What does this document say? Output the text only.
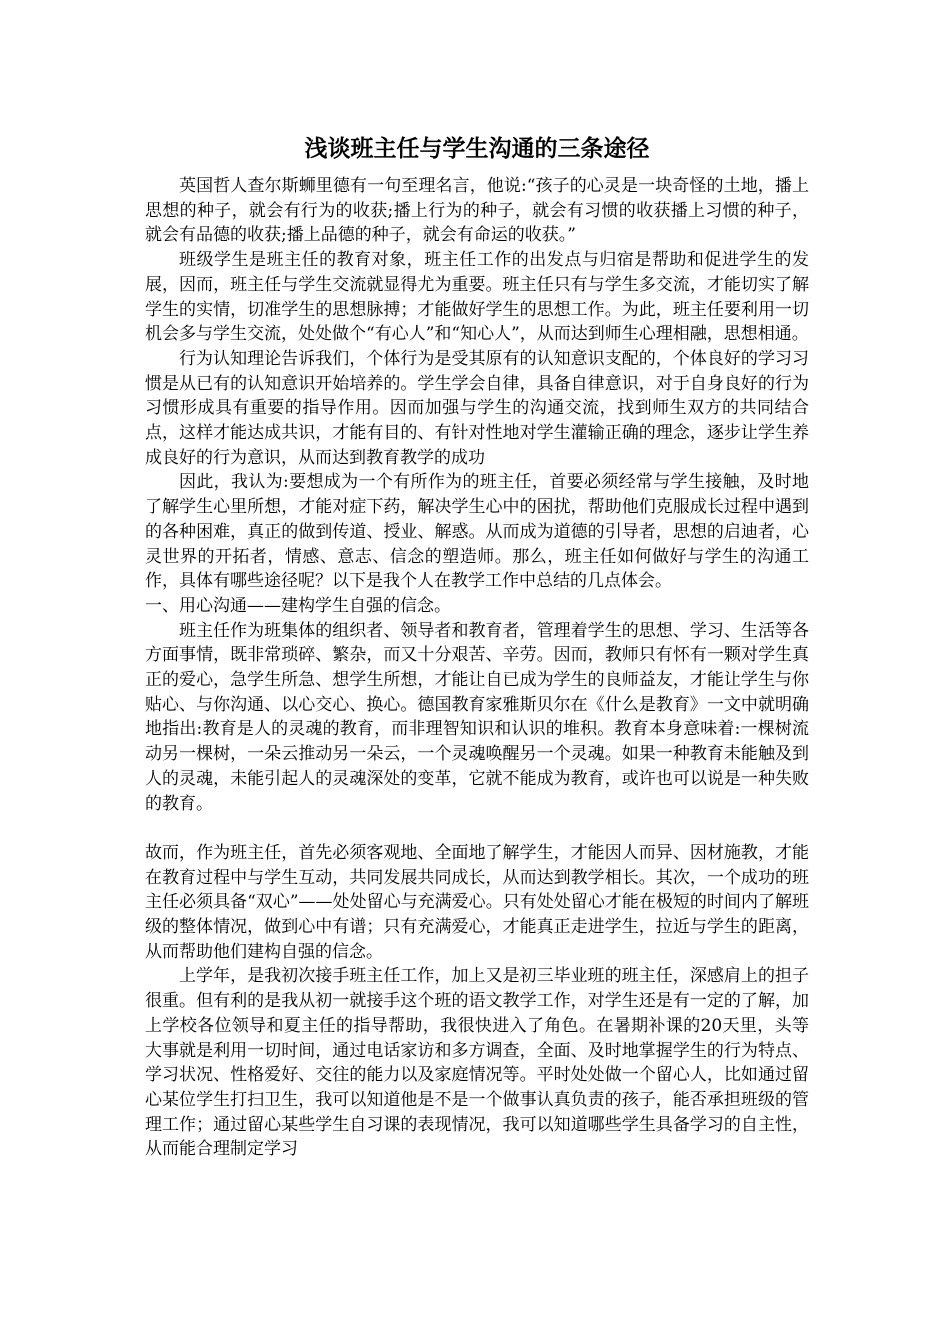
浅谈班主任与学生沟通的三条途径

英国哲人查尔斯蛳里德有一句至理名言，他说:“孩子的心灵是一块奇怪的土地，播上思想的种子，就会有行为的收获;播上行为的种子，就会有习惯的收获播上习惯的种子，就会有品德的收获;播上品德的种子，就会有命运的收获。”

班级学生是班主任的教育对象，班主任工作的出发点与归宿是帮助和促进学生的发展，因而，班主任与学生交流就显得尤为重要。班主任只有与学生多交流，才能切实了解学生的实情，切准学生的思想脉搏；才能做好学生的思想工作。为此，班主任要利用一切机会多与学生交流，处处做个“有心人”和“知心人”，从而达到师生心理相融，思想相通。

行为认知理论告诉我们，个体行为是受其原有的认知意识支配的，个体良好的学习习惯是从已有的认知意识开始培养的。学生学会自律，具备自律意识，对于自身良好的行为习惯形成具有重要的指导作用。因而加强与学生的沟通交流，找到师生双方的共同结合点，这样才能达成共识，才能有目的、有针对性地对学生灌输正确的理念，逐步让学生养成良好的行为意识，从而达到教育教学的成功

因此，我认为:要想成为一个有所作为的班主任，首要必须经常与学生接触，及时地了解学生心里所想，才能对症下药，解决学生心中的困扰，帮助他们克服成长过程中遇到的各种困难，真正的做到传道、授业、解惑。从而成为道德的引导者，思想的启迪者，心灵世界的开拓者，情感、意志、信念的塑造师。那么，班主任如何做好与学生的沟通工作，具体有哪些途径呢？以下是我个人在教学工作中总结的几点体会。

一、用心沟通——建构学生自强的信念。

班主任作为班集体的组织者、领导者和教育者，管理着学生的思想、学习、生活等各方面事情，既非常琐碎、繁杂，而又十分艰苦、辛劳。因而，教师只有怀有一颗对学生真正的爱心，急学生所急、想学生所想，才能让自已成为学生的良师益友，才能让学生与你贴心、与你沟通、以心交心、换心。德国教育家雅斯贝尔在《什么是教育》一文中就明确地指出:教育是人的灵魂的教育，而非理智知识和认识的堆积。教育本身意味着:一棵树流动另一棵树，一朵云推动另一朵云，一个灵魂唤醒另一个灵魂。如果一种教育未能触及到人的灵魂，未能引起人的灵魂深处的变革，它就不能成为教育，或许也可以说是一种失败的教育。

故而，作为班主任，首先必须客观地、全面地了解学生，才能因人而异、因材施教，才能在教育过程中与学生互动，共同发展共同成长，从而达到教学相长。其次，一个成功的班主任必须具备“双心”——处处留心与充满爱心。只有处处留心才能在极短的时间内了解班级的整体情况，做到心中有谱；只有充满爱心，才能真正走进学生，拉近与学生的距离，从而帮助他们建构自强的信念。

上学年，是我初次接手班主任工作，加上又是初三毕业班的班主任，深感肩上的担子很重。但有利的是我从初一就接手这个班的语文教学工作，对学生还是有一定的了解，加上学校各位领导和夏主任的指导帮助，我很快进入了角色。在暑期补课的20天里，头等大事就是利用一切时间，通过电话家访和多方调查，全面、及时地掌握学生的行为特点、学习状况、性格爱好、交往的能力以及家庭情况等。平时处处做一个留心人，比如通过留心某位学生打扫卫生，我可以知道他是不是一个做事认真负责的孩子，能否承担班级的管理工作；通过留心某些学生自习课的表现情况，我可以知道哪些学生具备学习的自主性，从而能合理制定学习
